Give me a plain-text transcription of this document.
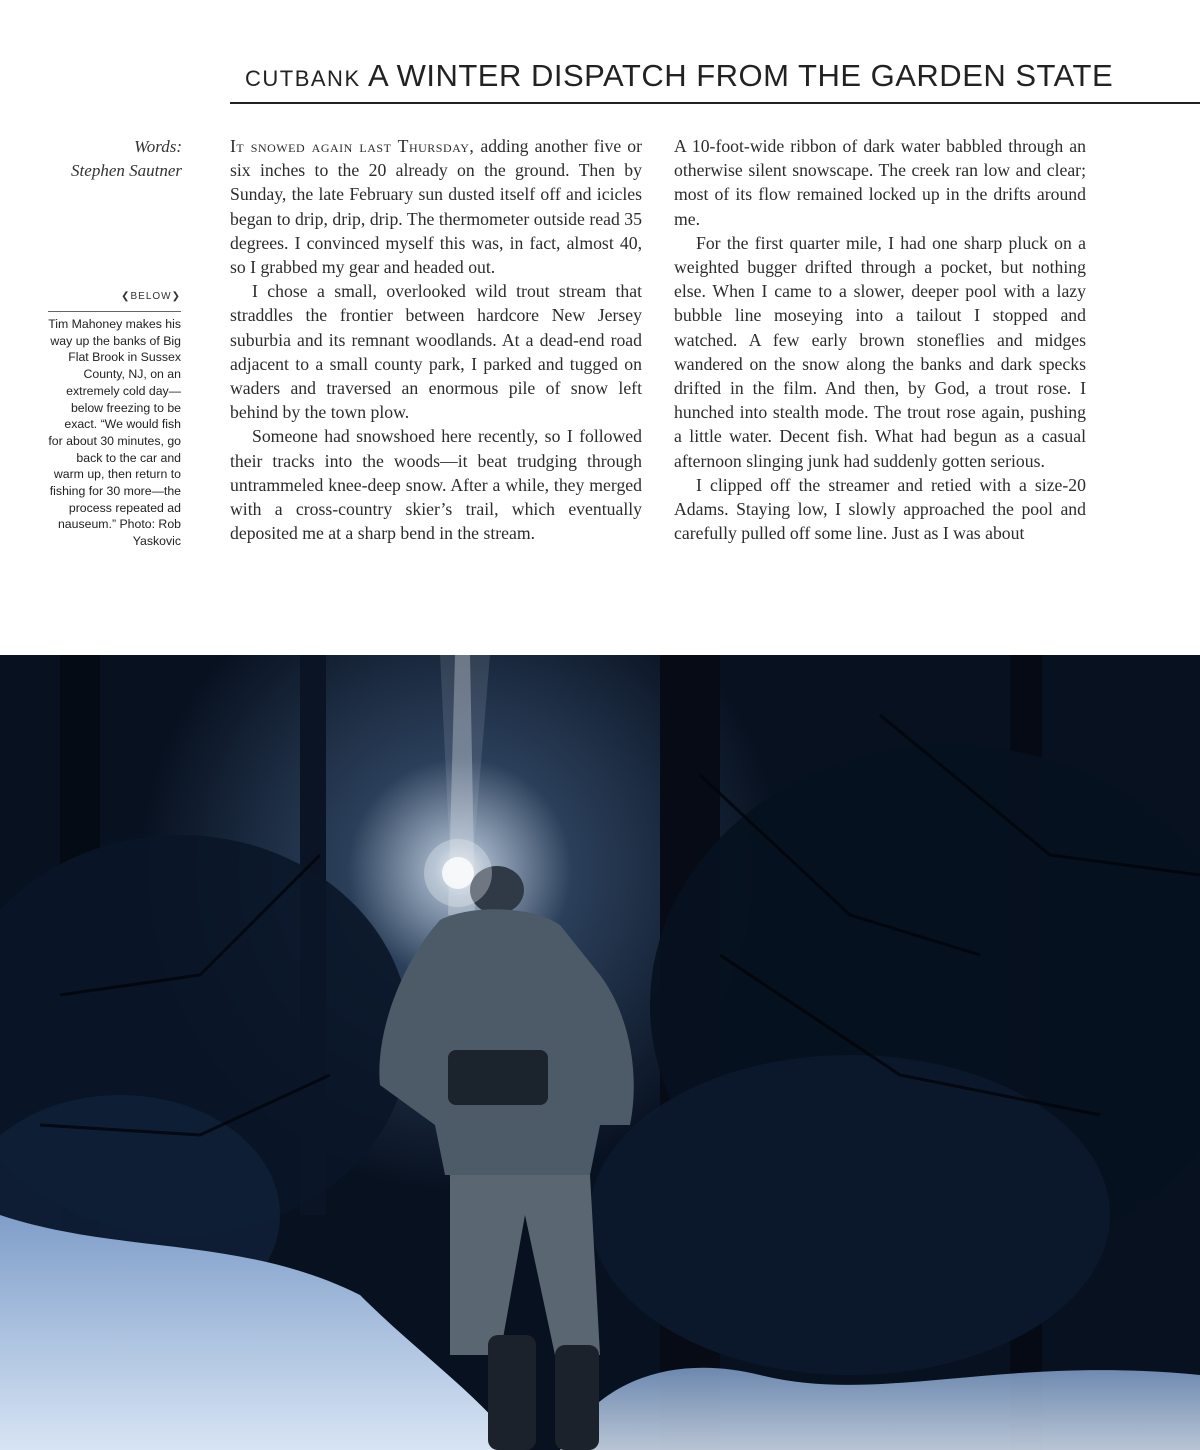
CUTBANK A WINTER DISPATCH FROM THE GARDEN STATE
Words:
Stephen Sautner
❮BELOW❯
Tim Mahoney makes his way up the banks of Big Flat Brook in Sussex County, NJ, on an extremely cold day—below freezing to be exact. “We would fish for about 30 minutes, go back to the car and warm up, then return to fishing for 30 more—the process repeated ad nauseum.” Photo: Rob Yaskovic

It snowed again last Thursday, adding another five or six inches to the 20 already on the ground. Then by Sunday, the late February sun dusted itself off and icicles began to drip, drip, drip. The thermometer outside read 35 degrees. I convinced myself this was, in fact, almost 40, so I grabbed my gear and headed out.

I chose a small, overlooked wild trout stream that straddles the frontier between hardcore New Jersey suburbia and its remnant woodlands. At a dead-end road adjacent to a small county park, I parked and tugged on waders and traversed an enormous pile of snow left behind by the town plow.

Someone had snowshoed here recently, so I followed their tracks into the woods—it beat trudging through untrammeled knee-deep snow. After a while, they merged with a cross-country skier’s trail, which eventually deposited me at a sharp bend in the stream.

A 10-foot-wide ribbon of dark water babbled through an otherwise silent snowscape. The creek ran low and clear; most of its flow remained locked up in the drifts around me.

For the first quarter mile, I had one sharp pluck on a weighted bugger drifted through a pocket, but nothing else. When I came to a slower, deeper pool with a lazy bubble line moseying into a tailout I stopped and watched. A few early brown stoneflies and midges wandered on the snow along the banks and dark specks drifted in the film. And then, by God, a trout rose. I hunched into stealth mode. The trout rose again, pushing a little water. Decent fish. What had begun as a casual afternoon slinging junk had suddenly gotten serious.

I clipped off the streamer and retied with a size-20 Adams. Staying low, I slowly approached the pool and carefully pulled off some line. Just as I was about
